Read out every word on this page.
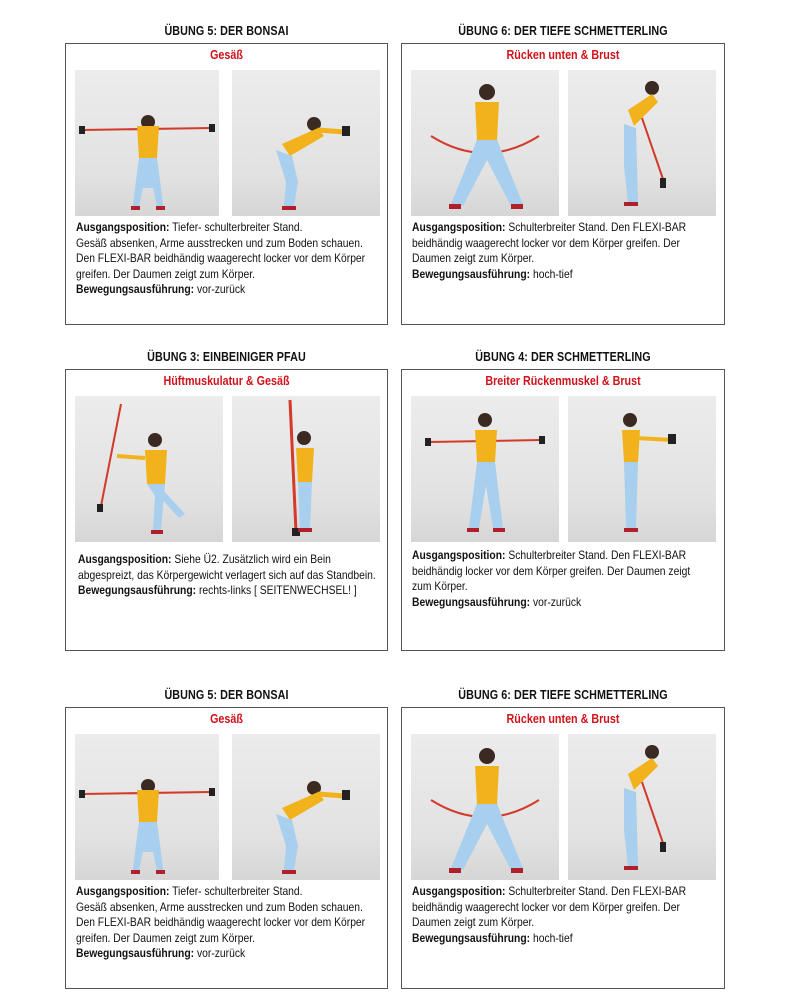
ÜBUNG 5: DER BONSAI	ÜBUNG 6: DER TIEFE SCHMETTERLING
Gesäß

Ausgangsposition: Tiefer- schulterbreiter Stand.

Gesäß absenken, Arme ausstrecken und zum Boden schauen.

Den FLEXI-BAR beidhändig waagerecht locker vor dem Körper

greifen. Der Daumen zeigt zum Körper.

Bewegungsausführung: vor-zurück

Rücken unten & Brust

Ausgangsposition: Schulterbreiter Stand. Den FLEXI-BAR

beidhändig waagerecht locker vor dem Körper greifen. Der

Daumen zeigt zum Körper.

Bewegungsausführung: hoch-tief

ÜBUNG 3: EINBEINIGER PFAU	ÜBUNG 4: DER SCHMETTERLING
Hüftmuskulatur & Gesäß

Ausgangsposition: Siehe Ü2. Zusätzlich wird ein Bein

abgespreizt, das Körpergewicht verlagert sich auf das Standbein.

Bewegungsausführung: rechts-links [ SEITENWECHSEL! ]

Breiter Rückenmuskel & Brust

Ausgangsposition: Schulterbreiter Stand. Den FLEXI-BAR

beidhändig locker vor dem Körper greifen. Der Daumen zeigt

zum Körper.

Bewegungsausführung: vor-zurück

ÜBUNG 5: DER BONSAI	ÜBUNG 6: DER TIEFE SCHMETTERLING
Gesäß

Ausgangsposition: Tiefer- schulterbreiter Stand.

Gesäß absenken, Arme ausstrecken und zum Boden schauen.

Den FLEXI-BAR beidhändig waagerecht locker vor dem Körper

greifen. Der Daumen zeigt zum Körper.

Bewegungsausführung: vor-zurück

Rücken unten & Brust

Ausgangsposition: Schulterbreiter Stand. Den FLEXI-BAR

beidhändig waagerecht locker vor dem Körper greifen. Der

Daumen zeigt zum Körper.

Bewegungsausführung: hoch-tief
